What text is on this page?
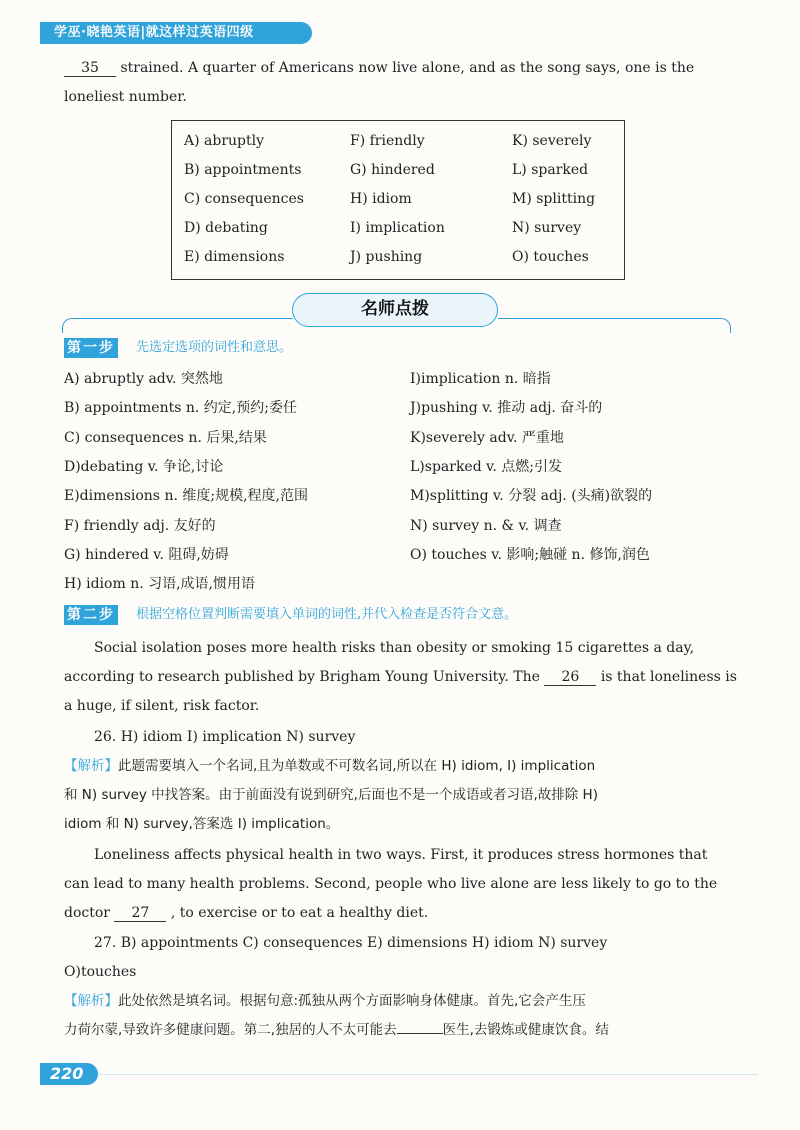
学巫·晓艳英语|就这样过英语四级
35 strained. A quarter of Americans now live alone, and as the song says, one is the
loneliest number.
A) abruptly	F) friendly	K) severely
B) appointments	G) hindered	L) sparked
C) consequences	H) idiom	M) splitting
D) debating	I) implication	N) survey
E) dimensions	J) pushing	O) touches
名师点拨
第一步 先选定选项的词性和意思。
A) abruptly adv. 突然地
B) appointments n. 约定,预约;委任
C) consequences n. 后果,结果
D)debating v. 争论,讨论
E)dimensions n. 维度;规模,程度,范围
F) friendly adj. 友好的
G) hindered v. 阻碍,妨碍
H) idiom n. 习语,成语,惯用语
I)implication n. 暗指
J)pushing v. 推动 adj. 奋斗的
K)severely adv. 严重地
L)sparked v. 点燃;引发
M)splitting v. 分裂 adj. (头痛)欲裂的
N) survey n. & v. 调查
O) touches v. 影响;触碰 n. 修饰,润色
第二步 根据空格位置判断需要填入单词的词性,并代入检查是否符合文意。
Social isolation poses more health risks than obesity or smoking 15 cigarettes a day,
according to research published by Brigham Young University. The 26 is that loneliness is
a huge, if silent, risk factor.
26. H) idiom I) implication N) survey
【解析】此题需要填入一个名词,且为单数或不可数名词,所以在 H) idiom, I) implication
和 N) survey 中找答案。由于前面没有说到研究,后面也不是一个成语或者习语,故排除 H)
idiom 和 N) survey,答案选 I) implication。
Loneliness affects physical health in two ways. First, it produces stress hormones that
can lead to many health problems. Second, people who live alone are less likely to go to the
doctor 27 , to exercise or to eat a healthy diet.
27. B) appointments C) consequences E) dimensions H) idiom N) survey
O)touches
【解析】此处依然是填名词。根据句意:孤独从两个方面影响身体健康。首先,它会产生压
力荷尔蒙,导致许多健康问题。第二,独居的人不太可能去	医生,去锻炼或健康饮食。结
220
